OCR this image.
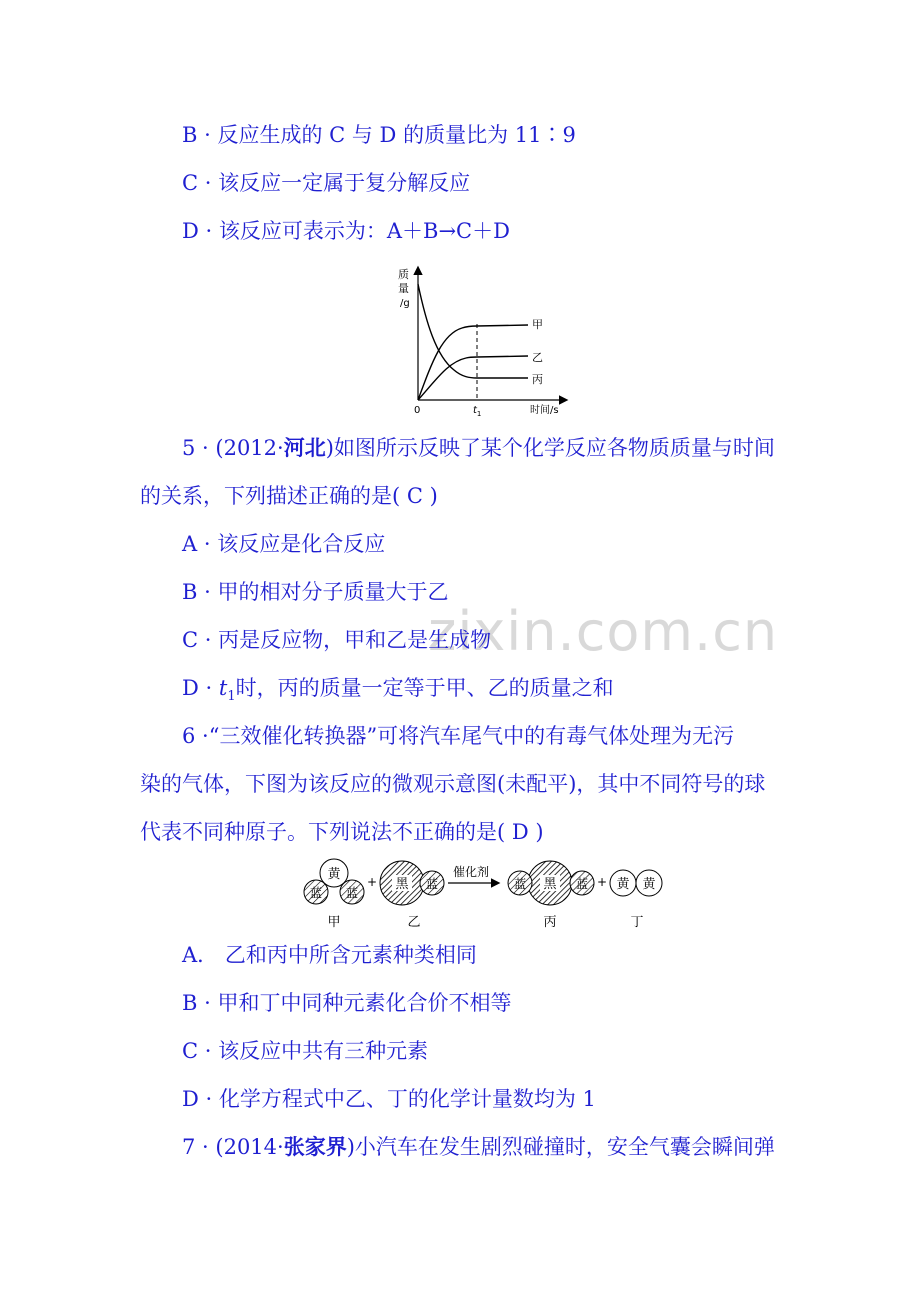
zixin.com.cn
B · 反应生成的 C 与 D 的质量比为 11∶9
C · 该反应一定属于复分解反应
D · 该反应可表示为：A＋B→C＋D
质
量
/g
0	$t_1$	时间/s
甲
乙
丙
5 · (2012·河北)如图所示反映了某个化学反应各物质质量与时间
的关系，下列描述正确的是( C )
A · 该反应是化合反应
B · 甲的相对分子质量大于乙
C · 丙是反应物，甲和乙是生成物
$D \cdot t_1$时，丙的质量一定等于甲、乙的质量之和
6 ·“三效催化转换器”可将汽车尾气中的有毒气体处理为无污
染的气体，下图为该反应的微观示意图(未配平)，其中不同符号的球
代表不同种原子。下列说法不正确的是( D )
黄
蓝 蓝
+ 黑 蓝
催化剂
蓝 黑 蓝 + 黄 黄
甲	乙	丙	丁
A． 乙和丙中所含元素种类相同
B · 甲和丁中同种元素化合价不相等
C · 该反应中共有三种元素
D · 化学方程式中乙、丁的化学计量数均为 1
7 · (2014·张家界)小汽车在发生剧烈碰撞时，安全气囊会瞬间弹
